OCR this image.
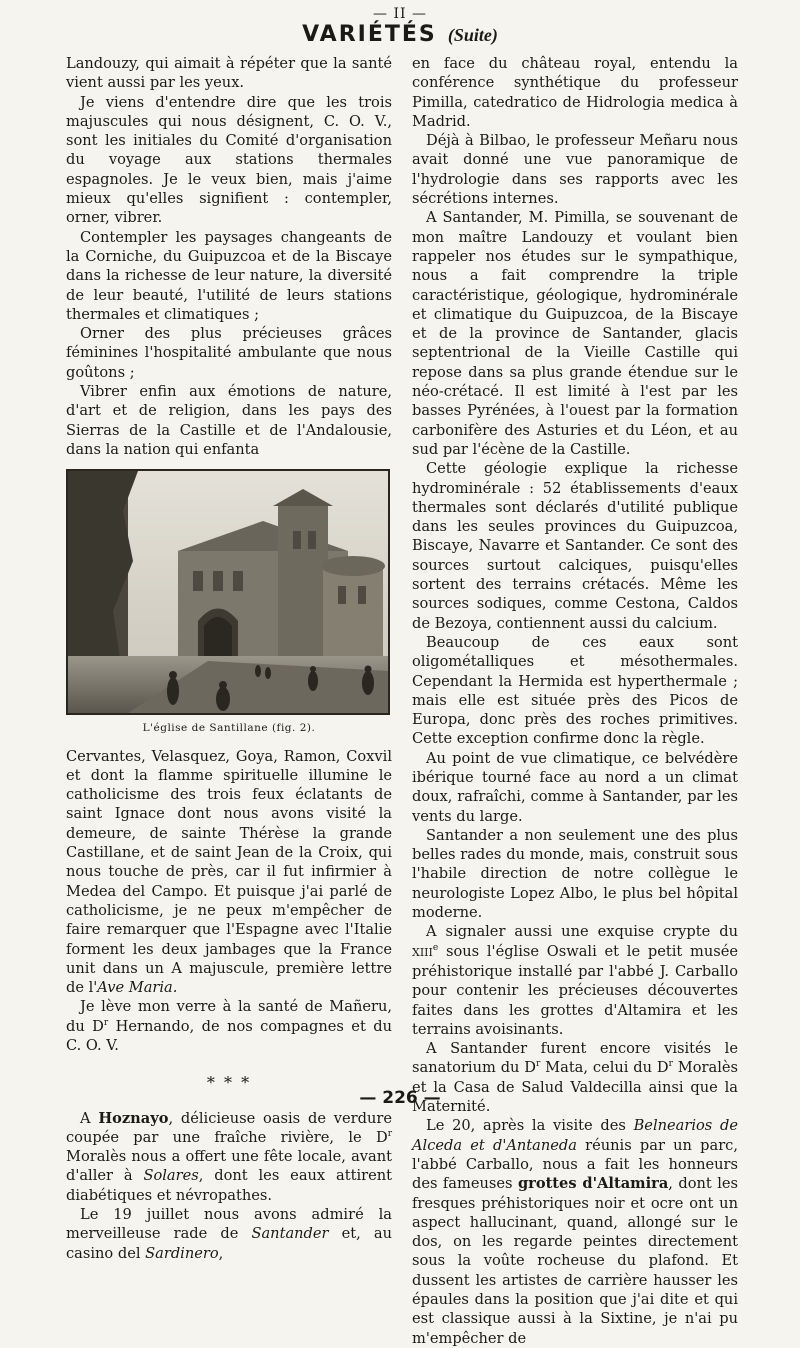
— II —
VARIÉTÉS (Suite)

Landouzy, qui aimait à répéter que la santé vient aussi par les yeux.

Je viens d'entendre dire que les trois majuscules qui nous désignent, C. O. V., sont les initiales du Comité d'organisation du voyage aux stations thermales espagnoles. Je le veux bien, mais j'aime mieux qu'elles signifient : contempler, orner, vibrer.

Contempler les paysages changeants de la Corniche, du Guipuzcoa et de la Biscaye dans la richesse de leur nature, la diversité de leur beauté, l'utilité de leurs stations thermales et climatiques ;

Orner des plus précieuses grâces féminines l'hospitalité ambulante que nous goûtons ;

Vibrer enfin aux émotions de nature, d'art et de religion, dans les pays des Sierras de la Castille et de l'Andalousie, dans la nation qui enfanta

L'église de Santillane (fig. 2).

Cervantes, Velasquez, Goya, Ramon, Coxvil et dont la flamme spirituelle illumine le catholicisme des trois feux éclatants de saint Ignace dont nous avons visité la demeure, de sainte Thérèse la grande Castillane, et de saint Jean de la Croix, qui nous touche de près, car il fut infirmier à Medea del Campo. Et puisque j'ai parlé de catholicisme, je ne peux m'empêcher de faire remarquer que l'Espagne avec l'Italie forment les deux jambages que la France unit dans un A majuscule, première lettre de l'Ave Maria.

Je lève mon verre à la santé de Mañeru, du $D^r$ Hernando, de nos compagnes et du C. O. V.

* * *

A Hoznayo, délicieuse oasis de verdure coupée par une fraîche rivière, le $D^r$ Moralès nous a offert une fête locale, avant d'aller à Solares, dont les eaux attirent diabétiques et névropathes.

Le 19 juillet nous avons admiré la merveilleuse rade de Santander et, au casino del Sardinero,

en face du château royal, entendu la conférence synthétique du professeur Pimilla, catedratico de Hidrologia medica à Madrid.

Déjà à Bilbao, le professeur Meñaru nous avait donné une vue panoramique de l'hydrologie dans ses rapports avec les sécrétions internes.

A Santander, M. Pimilla, se souvenant de mon maître Landouzy et voulant bien rappeler nos études sur le sympathique, nous a fait comprendre la triple caractéristique, géologique, hydrominérale et climatique du Guipuzcoa, de la Biscaye et de la province de Santander, glacis septentrional de la Vieille Castille qui repose dans sa plus grande étendue sur le néo-crétacé. Il est limité à l'est par les basses Pyrénées, à l'ouest par la formation carbonifère des Asturies et du Léon, et au sud par l'écène de la Castille.

Cette géologie explique la richesse hydrominérale : 52 établissements d'eaux thermales sont déclarés d'utilité publique dans les seules provinces du Guipuzcoa, Biscaye, Navarre et Santander. Ce sont des sources surtout calciques, puisqu'elles sortent des terrains crétacés. Même les sources sodiques, comme Cestona, Caldos de Bezoya, contiennent aussi du calcium.

Beaucoup de ces eaux sont oligométalliques et mésothermales. Cependant la Hermida est hyperthermale ; mais elle est située près des Picos de Europa, donc près des roches primitives. Cette exception confirme donc la règle.

Au point de vue climatique, ce belvédère ibérique tourné face au nord a un climat doux, rafraîchi, comme à Santander, par les vents du large.

Santander a non seulement une des plus belles rades du monde, mais, construit sous l'habile direction de notre collègue le neurologiste Lopez Albo, le plus bel hôpital moderne.

A signaler aussi une exquise crypte du XIIIe sous l'église Oswali et le petit musée préhistorique installé par l'abbé J. Carballo pour contenir les précieuses découvertes faites dans les grottes d'Altamira et les terrains avoisinants.

A Santander furent encore visités le sanatorium du $D^r$ Mata, celui du $D^r$ Moralès et la Casa de Salud Valdecilla ainsi que la Maternité.

Le 20, après la visite des Belnearios de Alceda et d'Antaneda réunis par un parc, l'abbé Carballo, nous a fait les honneurs des fameuses grottes d'Altamira, dont les fresques préhistoriques noir et ocre ont un aspect hallucinant, quand, allongé sur le dos, on les regarde peintes directement sous la voûte rocheuse du plafond. Et dussent les artistes de carrière hausser les épaules dans la position que j'ai dite et qui est classique aussi à la Sixtine, je n'ai pu m'empêcher de

— 226 —
